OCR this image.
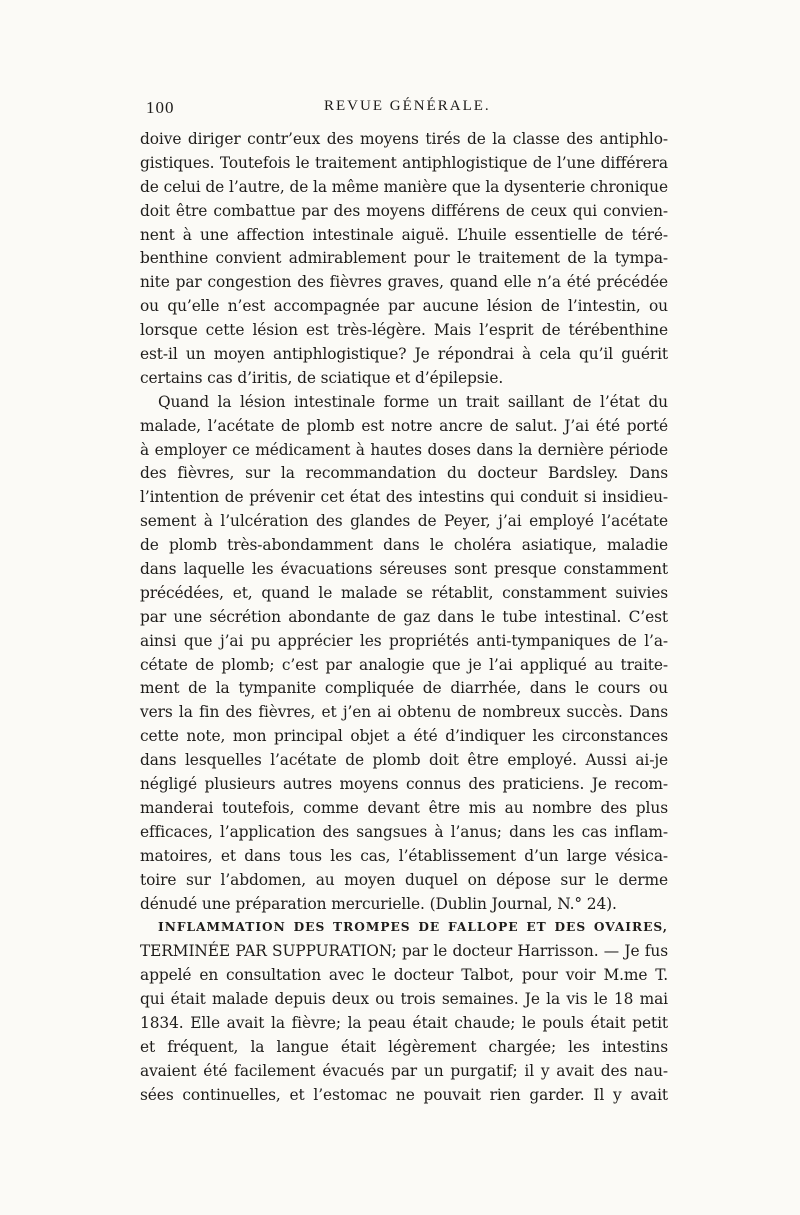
100	REVUE GÉNÉRALE.
doive diriger contr’eux des moyens tirés de la classe des antiphlo-
gistiques. Toutefois le traitement antiphlogistique de l’une différera
de celui de l’autre, de la même manière que la dysenterie chronique
doit être combattue par des moyens différens de ceux qui convien-
nent à une affection intestinale aiguë. L’huile essentielle de téré-
benthine convient admirablement pour le traitement de la tympa-
nite par congestion des fièvres graves, quand elle n’a été précédée
ou qu’elle n’est accompagnée par aucune lésion de l’intestin, ou
lorsque cette lésion est très-légère. Mais l’esprit de térébenthine
est-il un moyen antiphlogistique? Je répondrai à cela qu’il guérit
certains cas d’iritis, de sciatique et d’épilepsie.
Quand la lésion intestinale forme un trait saillant de l’état du
malade, l’acétate de plomb est notre ancre de salut. J’ai été porté
à employer ce médicament à hautes doses dans la dernière période
des fièvres, sur la recommandation du docteur Bardsley. Dans
l’intention de prévenir cet état des intestins qui conduit si insidieu-
sement à l’ulcération des glandes de Peyer, j’ai employé l’acétate
de plomb très-abondamment dans le choléra asiatique, maladie
dans laquelle les évacuations séreuses sont presque constamment
précédées, et, quand le malade se rétablit, constamment suivies
par une sécrétion abondante de gaz dans le tube intestinal. C’est
ainsi que j’ai pu apprécier les propriétés anti-tympaniques de l’a-
cétate de plomb; c’est par analogie que je l’ai appliqué au traite-
ment de la tympanite compliquée de diarrhée, dans le cours ou
vers la fin des fièvres, et j’en ai obtenu de nombreux succès. Dans
cette note, mon principal objet a été d’indiquer les circonstances
dans lesquelles l’acétate de plomb doit être employé. Aussi ai-je
négligé plusieurs autres moyens connus des praticiens. Je recom-
manderai toutefois, comme devant être mis au nombre des plus
efficaces, l’application des sangsues à l’anus; dans les cas inflam-
matoires, et dans tous les cas, l’établissement d’un large vésica-
toire sur l’abdomen, au moyen duquel on dépose sur le derme
dénudé une préparation mercurielle. (Dublin Journal, N.° 24).
INFLAMMATION DES TROMPES DE FALLOPE ET DES OVAIRES,
TERMINÉE PAR SUPPURATION; par le docteur Harrisson. — Je fus
appelé en consultation avec le docteur Talbot, pour voir M.me T.
qui était malade depuis deux ou trois semaines. Je la vis le 18 mai
1834. Elle avait la fièvre; la peau était chaude; le pouls était petit
et fréquent, la langue était légèrement chargée; les intestins
avaient été facilement évacués par un purgatif; il y avait des nau-
sées continuelles, et l’estomac ne pouvait rien garder. Il y avait
